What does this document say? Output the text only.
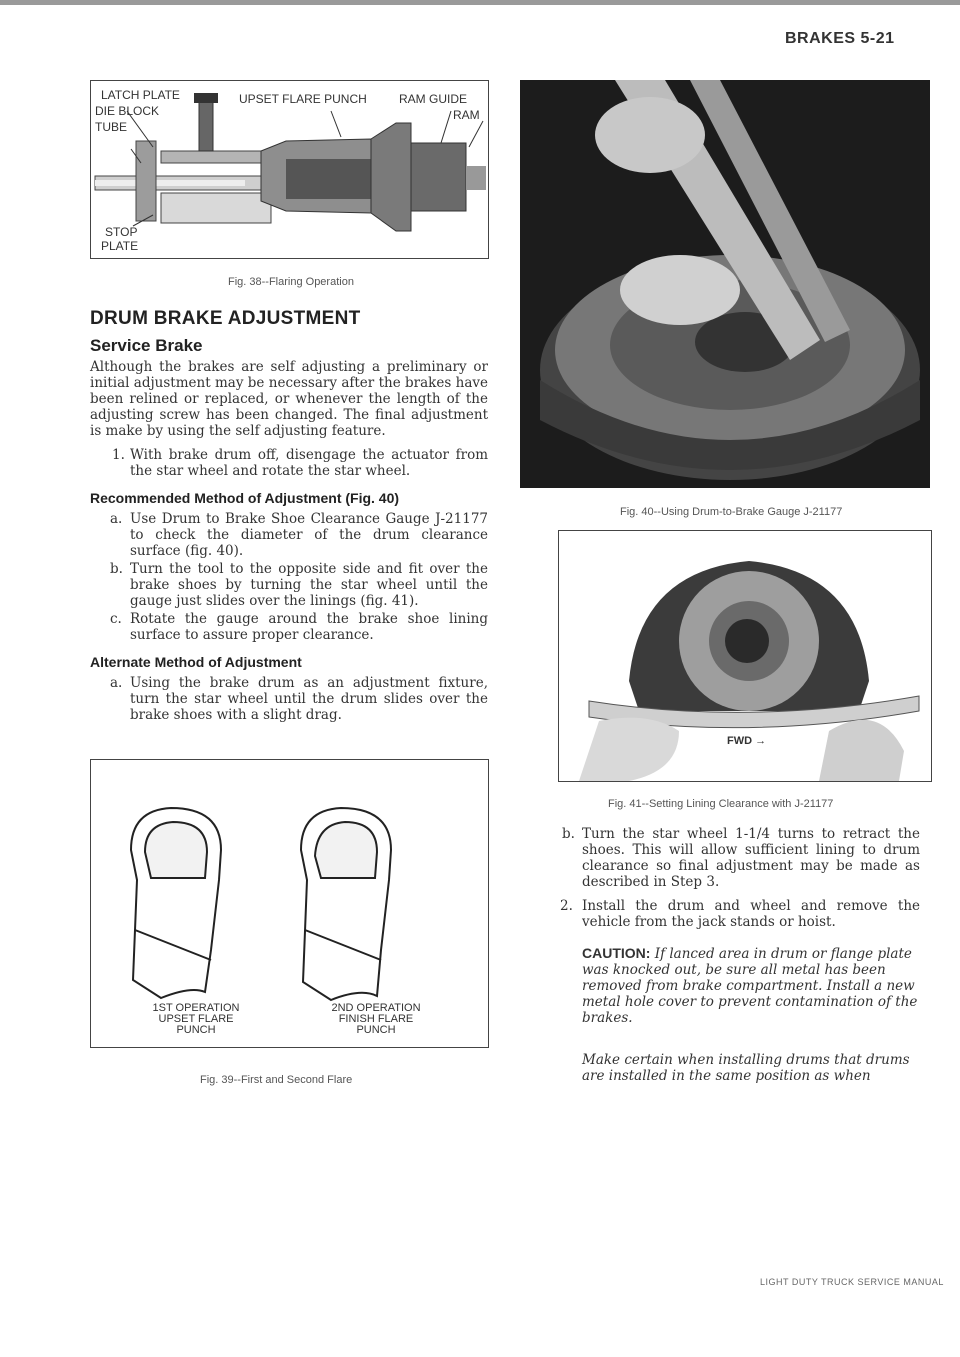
BRAKES 5-21
LATCH PLATE
DIE BLOCK
TUBE
UPSET FLARE PUNCH	RAM GUIDE
RAM
STOP
PLATE
Fig. 38--Flaring Operation
DRUM BRAKE ADJUSTMENT
Service Brake

Although the brakes are self adjusting a preliminary or initial adjustment may be necessary after the brakes have been relined or replaced, or whenever the length of the adjusting screw has been changed. The final adjustment is make by using the self adjusting feature.

1. With brake drum off, disengage the actuator from the star wheel and rotate the star wheel.
Recommended Method of Adjustment (Fig. 40)
a. Use Drum to Brake Shoe Clearance Gauge J-21177 to check the diameter of the drum clearance surface (fig. 40).
b. Turn the tool to the opposite side and fit over the brake shoes by turning the star wheel until the gauge just slides over the linings (fig. 41).
c. Rotate the gauge around the brake shoe lining surface to assure proper clearance.
Alternate Method of Adjustment
a. Using the brake drum as an adjustment fixture, turn the star wheel until the drum slides over the brake shoes with a slight drag.
1ST OPERATION
UPSET FLARE
PUNCH
2ND OPERATION
FINISH FLARE
PUNCH
Fig. 39--First and Second Flare
Fig. 40--Using Drum-to-Brake Gauge J-21177
FWD →
Fig. 41--Setting Lining Clearance with J-21177
b. Turn the star wheel 1-1/4 turns to retract the shoes. This will allow sufficient lining to drum clearance so final adjustment may be made as described in Step 3.
2. Install the drum and wheel and remove the vehicle from the jack stands or hoist.
CAUTION: If lanced area in drum or flange plate was knocked out, be sure all metal has been removed from brake compartment. Install a new metal hole cover to prevent contamination of the brakes.
Make certain when installing drums that drums are installed in the same position as when
LIGHT DUTY TRUCK SERVICE MANUAL
